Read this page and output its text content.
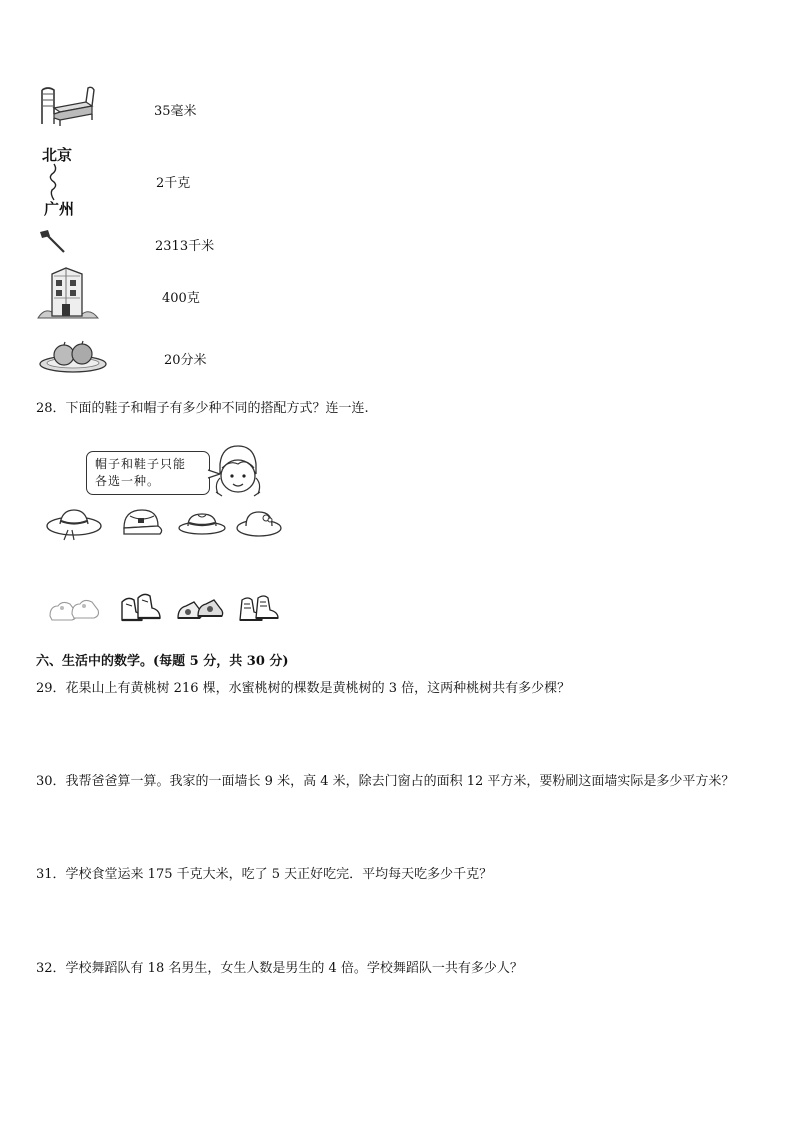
35毫米
北京
广州
2千克
2313千米
400克
20分米
28．下面的鞋子和帽子有多少种不同的搭配方式？连一连.
帽子和鞋子只能
各选一种。
六、生活中的数学。(每题 5 分，共 30 分)
29．花果山上有黄桃树 216 棵，水蜜桃树的棵数是黄桃树的 3 倍，这两种桃树共有多少棵？
30．我帮爸爸算一算。我家的一面墙长 9 米，高 4 米，除去门窗占的面积 12 平方米，要粉刷这面墙实际是多少平方米？
31．学校食堂运来 175 千克大米，吃了 5 天正好吃完．平均每天吃多少千克？
32．学校舞蹈队有 18 名男生，女生人数是男生的 4 倍。学校舞蹈队一共有多少人？
